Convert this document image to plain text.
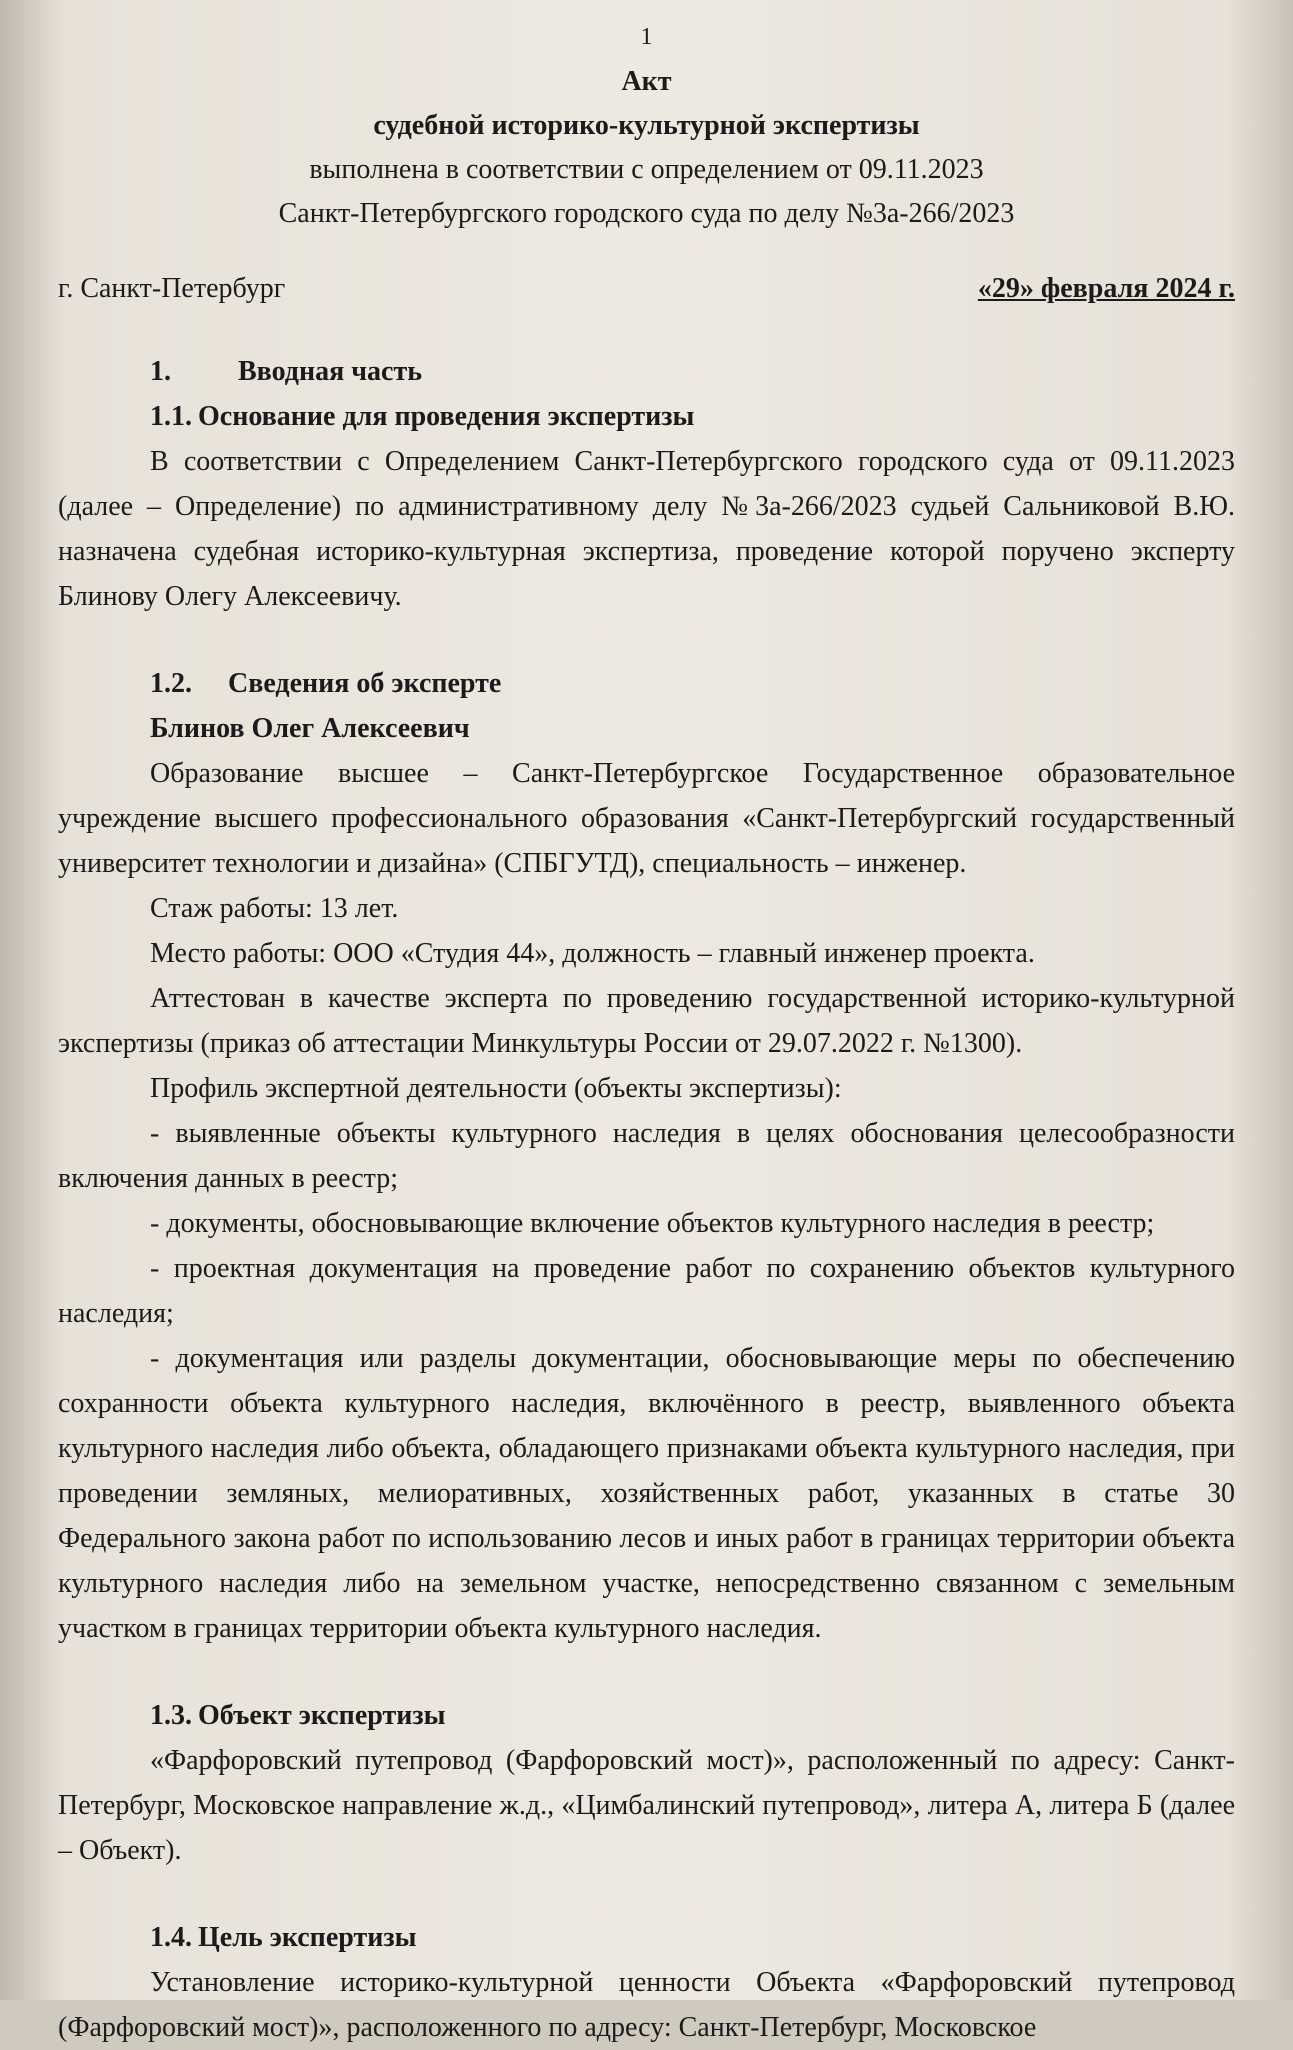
1
Акт
судебной историко-культурной экспертизы
выполнена в соответствии с определением от 09.11.2023
Санкт-Петербургского городского суда по делу №3а-266/2023
г. Санкт-Петербург	«29» февраля 2024 г.
1.	Вводная часть
1.1. Основание для проведения экспертизы

В соответствии с Определением Санкт-Петербургского городского суда от 09.11.2023 (далее – Определение) по административному делу №3а-266/2023 судьей Сальниковой В.Ю. назначена судебная историко-культурная экспертиза, проведение которой поручено эксперту Блинову Олегу Алексеевичу.

1.2. Сведения об эксперте
Блинов Олег Алексеевич

Образование высшее – Санкт-Петербургское Государственное образовательное учреждение высшего профессионального образования «Санкт-Петербургский государственный университет технологии и дизайна» (СПБГУТД), специальность – инженер.

Стаж работы: 13 лет.

Место работы: ООО «Студия 44», должность – главный инженер проекта.

Аттестован в качестве эксперта по проведению государственной историко-культурной экспертизы (приказ об аттестации Минкультуры России от 29.07.2022 г. №1300).

Профиль экспертной деятельности (объекты экспертизы):

- выявленные объекты культурного наследия в целях обоснования целесообразности включения данных в реестр;

- документы, обосновывающие включение объектов культурного наследия в реестр;

- проектная документация на проведение работ по сохранению объектов культурного наследия;

- документация или разделы документации, обосновывающие меры по обеспечению сохранности объекта культурного наследия, включённого в реестр, выявленного объекта культурного наследия либо объекта, обладающего признаками объекта культурного наследия, при проведении земляных, мелиоративных, хозяйственных работ, указанных в статье 30 Федерального закона работ по использованию лесов и иных работ в границах территории объекта культурного наследия либо на земельном участке, непосредственно связанном с земельным участком в границах территории объекта культурного наследия.

1.3. Объект экспертизы

«Фарфоровский путепровод (Фарфоровский мост)», расположенный по адресу: Санкт-Петербург, Московское направление ж.д., «Цимбалинский путепровод», литера А, литера Б (далее – Объект).

1.4. Цель экспертизы

Установление историко-культурной ценности Объекта «Фарфоровский путепровод (Фарфоровский мост)», расположенного по адресу: Санкт-Петербург, Московское
